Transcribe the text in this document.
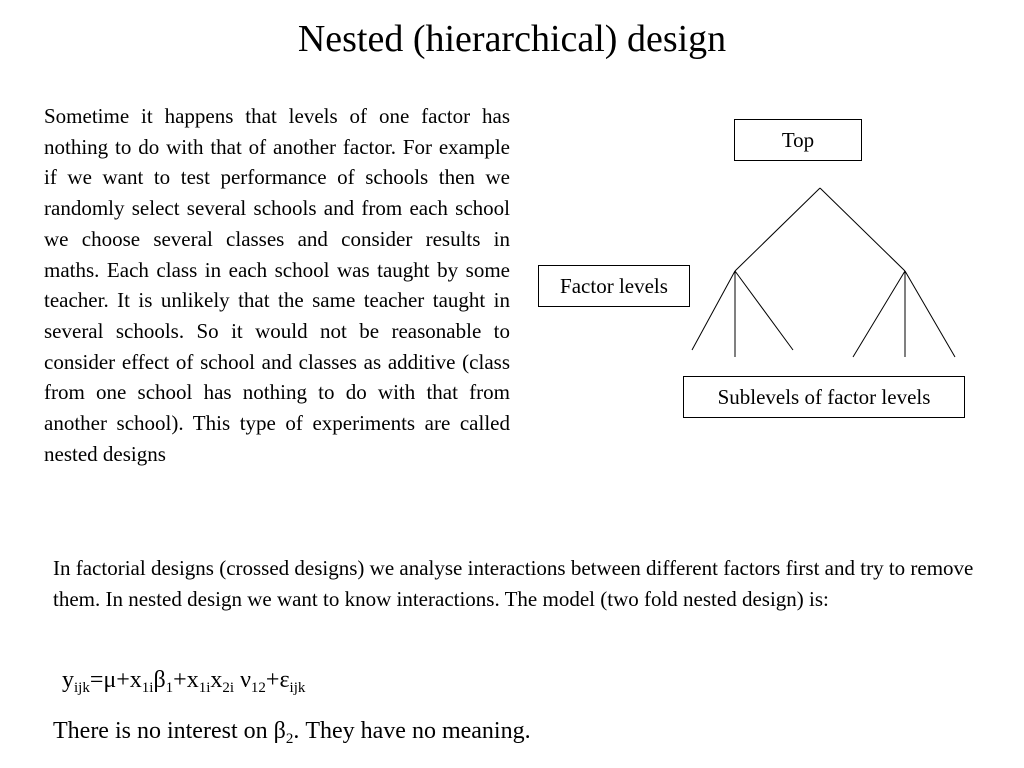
Nested (hierarchical) design

Sometime it happens that levels of one factor has nothing to do with that of another factor. For example if we want to test performance of schools then we randomly select several schools and from each school we choose several classes and consider results in maths. Each class in each school was taught by some teacher. It is unlikely that the same teacher taught in several schools. So it would not be reasonable to consider effect of school and classes as additive (class from one school has nothing to do with that from another school). This type of experiments are called nested designs

Top
Factor levels
Sublevels of factor levels

In factorial designs (crossed designs) we analyse interactions between different factors first and try to remove them. In nested design we want to know interactions. The model (two fold nested design) is:

$y_{ijk}=\mu+x_{1i}\beta_1+x_{1i}x_{2i}$ $\nu_{12}+\varepsilon_{ijk}$

There is no interest on $\beta_2$. They have no meaning.
